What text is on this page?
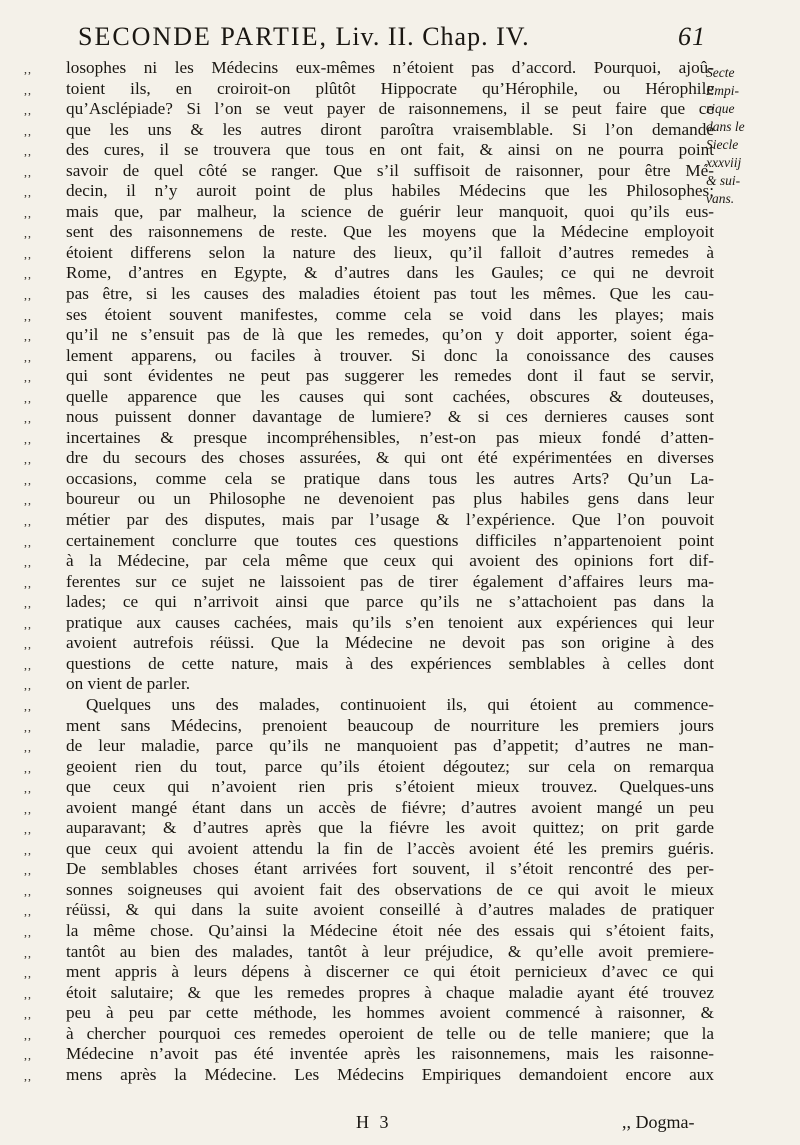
SECONDE PARTIE, Liv. II. Chap. IV.	61
Secte
Empi-
rique
dans le
Siecle
xxxviij
& sui-
vans.
,,	losophes ni les Médecins eux-mêmes n’étoient pas d’accord. Pourquoi, ajoû-
,,	toient ils, en croiroit-on plûtôt Hippocrate qu’Hérophile, ou Hérophile
,,	qu’Asclépiade? Si l’on se veut payer de raisonnemens, il se peut faire que ce
,,	que les uns & les autres diront paroîtra vraisemblable. Si l’on demande
,,	des cures, il se trouvera que tous en ont fait, & ainsi on ne pourra point
,,	savoir de quel côté se ranger. Que s’il suffisoit de raisonner, pour être Mé-
,,	decin, il n’y auroit point de plus habiles Médecins que les Philosophes;
,,	mais que, par malheur, la science de guérir leur manquoit, quoi qu’ils eus-
,,	sent des raisonnemens de reste. Que les moyens que la Médecine employoit
,,	étoient differens selon la nature des lieux, qu’il falloit d’autres remedes à
,,	Rome, d’antres en Egypte, & d’autres dans les Gaules; ce qui ne devroit
,,	pas être, si les causes des maladies étoient pas tout les mêmes. Que les cau-
,,	ses étoient souvent manifestes, comme cela se void dans les playes; mais
,,	qu’il ne s’ensuit pas de là que les remedes, qu’on y doit apporter, soient éga-
,,	lement apparens, ou faciles à trouver. Si donc la conoissance des causes
,,	qui sont évidentes ne peut pas suggerer les remedes dont il faut se servir,
,,	quelle apparence que les causes qui sont cachées, obscures & douteuses,
,,	nous puissent donner davantage de lumiere? & si ces dernieres causes sont
,,	incertaines & presque incompréhensibles, n’est-on pas mieux fondé d’atten-
,,	dre du secours des choses assurées, & qui ont été expérimentées en diverses
,,	occasions, comme cela se pratique dans tous les autres Arts? Qu’un La-
,,	boureur ou un Philosophe ne devenoient pas plus habiles gens dans leur
,,	métier par des disputes, mais par l’usage & l’expérience. Que l’on pouvoit
,,	certainement conclurre que toutes ces questions difficiles n’appartenoient point
,,	à la Médecine, par cela même que ceux qui avoient des opinions fort dif-
,,	ferentes sur ce sujet ne laissoient pas de tirer également d’affaires leurs ma-
,,	lades; ce qui n’arrivoit ainsi que parce qu’ils ne s’attachoient pas dans la
,,	pratique aux causes cachées, mais qu’ils s’en tenoient aux expériences qui leur
,,	avoient autrefois réüssi. Que la Médecine ne devoit pas son origine à des
,,	questions de cette nature, mais à des expériences semblables à celles dont
,,	on vient de parler.
,,	Quelques uns des malades, continuoient ils, qui étoient au commence-
,,	ment sans Médecins, prenoient beaucoup de nourriture les premiers jours
,,	de leur maladie, parce qu’ils ne manquoient pas d’appetit; d’autres ne man-
,,	geoient rien du tout, parce qu’ils étoient dégoutez; sur cela on remarqua
,,	que ceux qui n’avoient rien pris s’étoient mieux trouvez. Quelques-uns
,,	avoient mangé étant dans un accès de fiévre; d’autres avoient mangé un peu
,,	auparavant; & d’autres après que la fiévre les avoit quittez; on prit garde
,,	que ceux qui avoient attendu la fin de l’accès avoient été les premirs guéris.
,,	De semblables choses étant arrivées fort souvent, il s’étoit rencontré des per-
,,	sonnes soigneuses qui avoient fait des observations de ce qui avoit le mieux
,,	réüssi, & qui dans la suite avoient conseillé à d’autres malades de pratiquer
,,	la même chose. Qu’ainsi la Médecine étoit née des essais qui s’étoient faits,
,,	tantôt au bien des malades, tantôt à leur préjudice, & qu’elle avoit premiere-
,,	ment appris à leurs dépens à discerner ce qui étoit pernicieux d’avec ce qui
,,	étoit salutaire; & que les remedes propres à chaque maladie ayant été trouvez
,,	peu à peu par cette méthode, les hommes avoient commencé à raisonner, &
,,	à chercher pourquoi ces remedes operoient de telle ou de telle maniere; que la
,,	Médecine n’avoit pas été inventée après les raisonnemens, mais les raisonne-
,,	mens après la Médecine. Les Médecins Empiriques demandoient encore aux
H 3	,, Dogma-
